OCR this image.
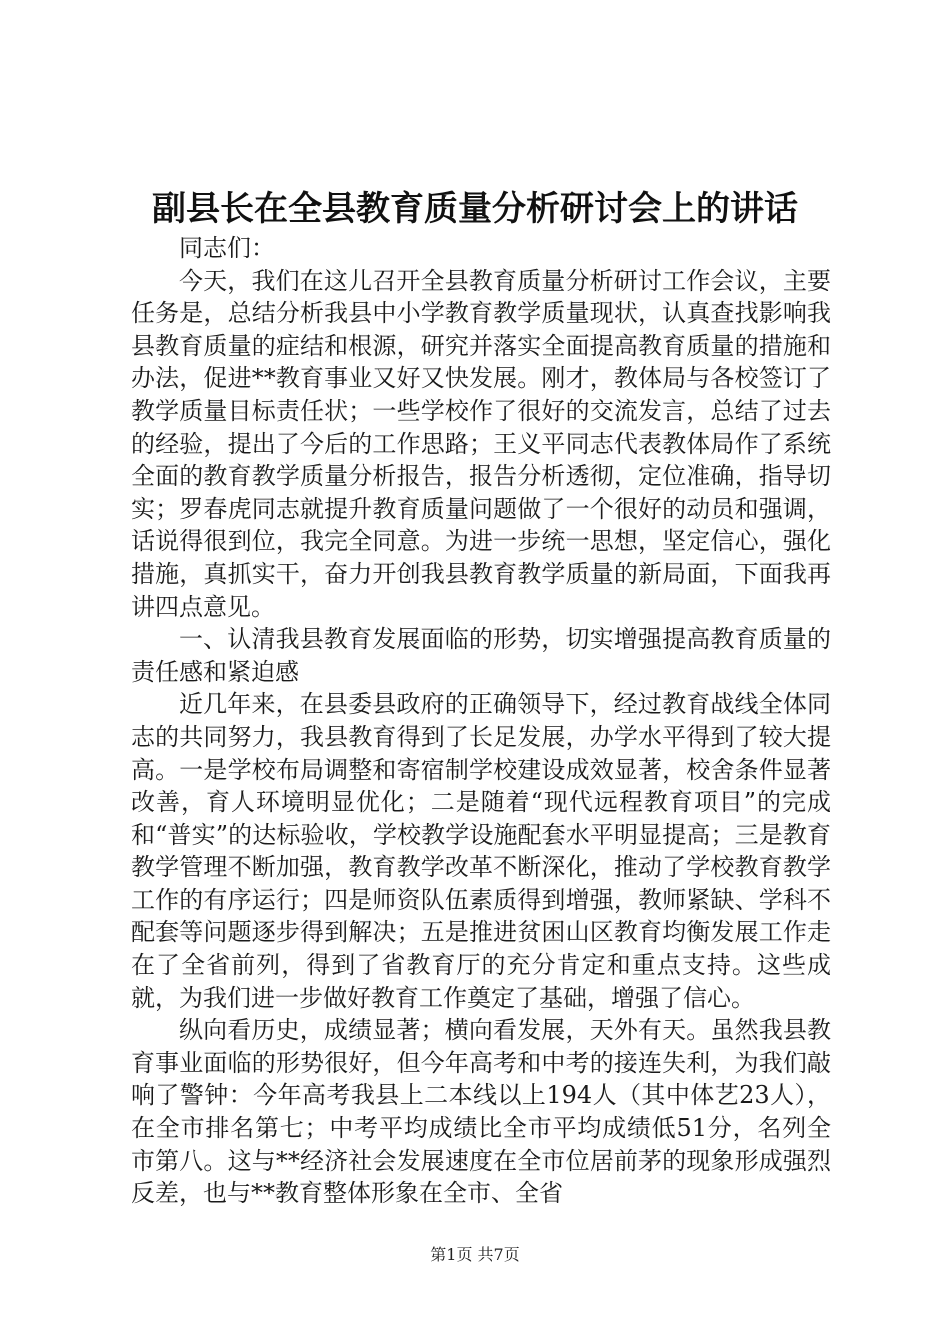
副县长在全县教育质量分析研讨会上的讲话

同志们：

今天，我们在这儿召开全县教育质量分析研讨工作会议，主要任务是，总结分析我县中小学教育教学质量现状，认真查找影响我县教育质量的症结和根源，研究并落实全面提高教育质量的措施和办法，促进**教育事业又好又快发展。刚才，教体局与各校签订了教学质量目标责任状；一些学校作了很好的交流发言，总结了过去的经验，提出了今后的工作思路；王义平同志代表教体局作了系统全面的教育教学质量分析报告，报告分析透彻，定位准确，指导切实；罗春虎同志就提升教育质量问题做了一个很好的动员和强调，话说得很到位，我完全同意。为进一步统一思想，坚定信心，强化措施，真抓实干，奋力开创我县教育教学质量的新局面，下面我再讲四点意见。

一、认清我县教育发展面临的形势，切实增强提高教育质量的责任感和紧迫感

近几年来，在县委县政府的正确领导下，经过教育战线全体同志的共同努力，我县教育得到了长足发展，办学水平得到了较大提高。一是学校布局调整和寄宿制学校建设成效显著，校舍条件显著改善，育人环境明显优化；二是随着“现代远程教育项目”的完成和“普实”的达标验收，学校教学设施配套水平明显提高；三是教育教学管理不断加强，教育教学改革不断深化，推动了学校教育教学工作的有序运行；四是师资队伍素质得到增强，教师紧缺、学科不配套等问题逐步得到解决；五是推进贫困山区教育均衡发展工作走在了全省前列，得到了省教育厅的充分肯定和重点支持。这些成就，为我们进一步做好教育工作奠定了基础，增强了信心。

纵向看历史，成绩显著；横向看发展，天外有天。虽然我县教育事业面临的形势很好，但今年高考和中考的接连失利，为我们敲响了警钟：今年高考我县上二本线以上194人（其中体艺23人），在全市排名第七；中考平均成绩比全市平均成绩低51分，名列全市第八。这与**经济社会发展速度在全市位居前茅的现象形成强烈反差，也与**教育整体形象在全市、全省

第1页 共7页
